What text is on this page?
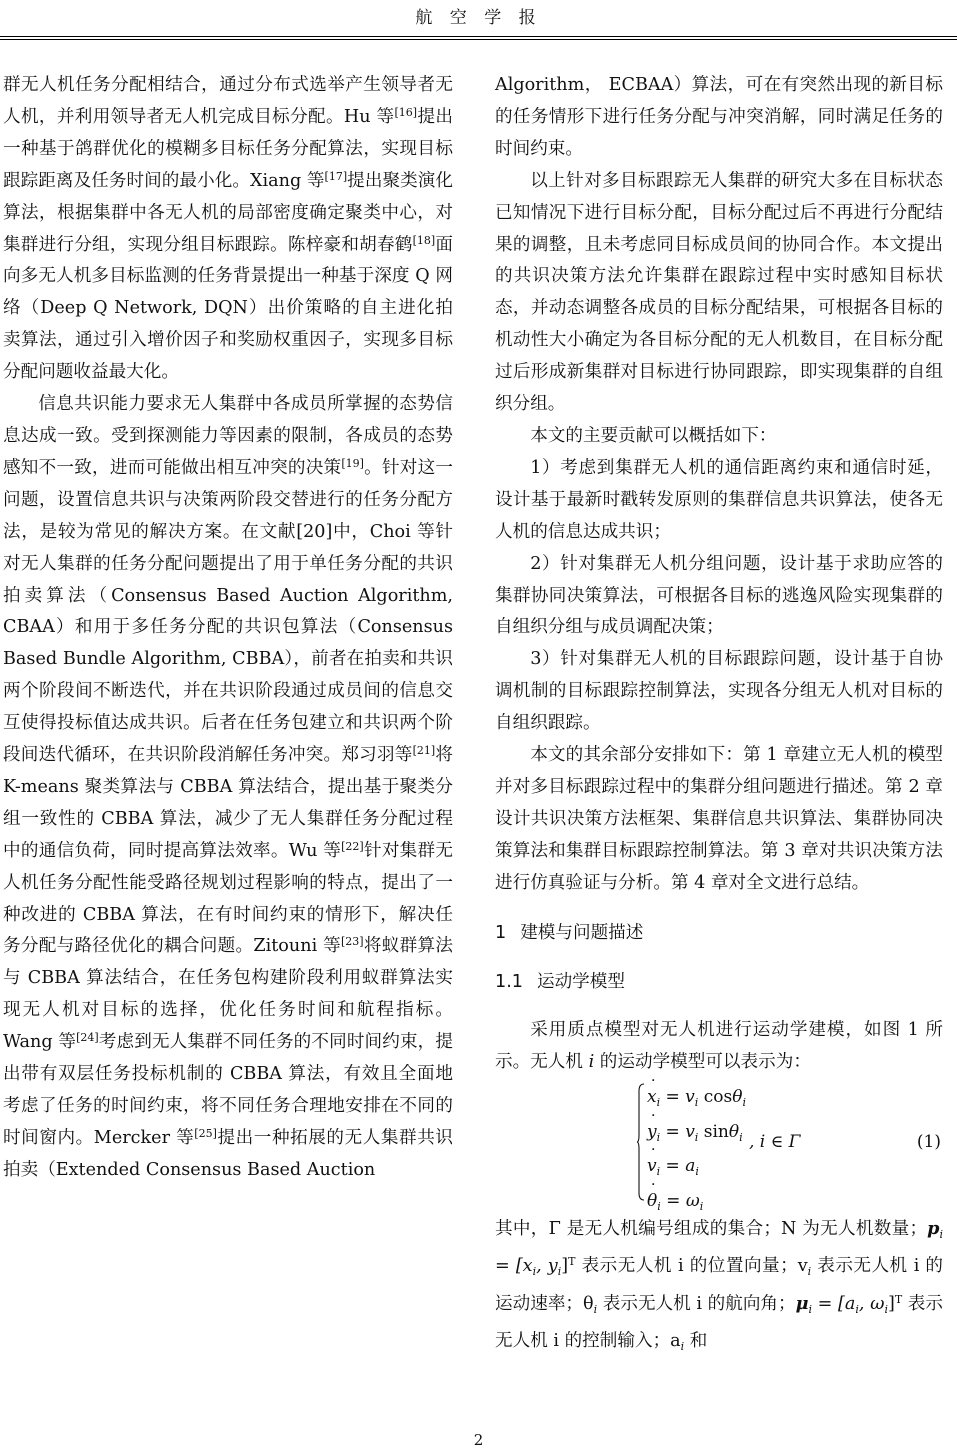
航 空 学 报

群无人机任务分配相结合，通过分布式选举产生领导者无人机，并利用领导者无人机完成目标分配。Hu 等[16]提出一种基于鸽群优化的模糊多目标任务分配算法，实现目标跟踪距离及任务时间的最小化。Xiang 等[17]提出聚类演化算法，根据集群中各无人机的局部密度确定聚类中心，对集群进行分组，实现分组目标跟踪。陈梓豪和胡春鹤[18]面向多无人机多目标监测的任务背景提出一种基于深度 Q 网络（Deep Q Network, DQN）出价策略的自主进化拍卖算法，通过引入增价因子和奖励权重因子，实现多目标分配问题收益最大化。

信息共识能力要求无人集群中各成员所掌握的态势信息达成一致。受到探测能力等因素的限制，各成员的态势感知不一致，进而可能做出相互冲突的决策[19]。针对这一问题，设置信息共识与决策两阶段交替进行的任务分配方法，是较为常见的解决方案。在文献[20]中，Choi 等针对无人集群的任务分配问题提出了用于单任务分配的共识拍卖算法（Consensus Based Auction Algorithm, CBAA）和用于多任务分配的共识包算法（Consensus Based Bundle Algorithm, CBBA），前者在拍卖和共识两个阶段间不断迭代，并在共识阶段通过成员间的信息交互使得投标值达成共识。后者在任务包建立和共识两个阶段间迭代循环，在共识阶段消解任务冲突。郑习羽等[21]将 K-means 聚类算法与 CBBA 算法结合，提出基于聚类分组一致性的 CBBA 算法，减少了无人集群任务分配过程中的通信负荷，同时提高算法效率。Wu 等[22]针对集群无人机任务分配性能受路径规划过程影响的特点，提出了一种改进的 CBBA 算法，在有时间约束的情形下，解决任务分配与路径优化的耦合问题。Zitouni 等[23]将蚁群算法与 CBBA 算法结合，在任务包构建阶段利用蚁群算法实现无人机对目标的选择，优化任务时间和航程指标。Wang 等[24]考虑到无人集群不同任务的不同时间约束，提出带有双层任务投标机制的 CBBA 算法，有效且全面地考虑了任务的时间约束，将不同任务合理地安排在不同的时间窗内。Mercker 等[25]提出一种拓展的无人集群共识拍卖（Extended Consensus Based Auction

Algorithm， ECBAA）算法，可在有突然出现的新目标的任务情形下进行任务分配与冲突消解，同时满足任务的时间约束。

以上针对多目标跟踪无人集群的研究大多在目标状态已知情况下进行目标分配，目标分配过后不再进行分配结果的调整，且未考虑同目标成员间的协同合作。本文提出的共识决策方法允许集群在跟踪过程中实时感知目标状态，并动态调整各成员的目标分配结果，可根据各目标的机动性大小确定为各目标分配的无人机数目，在目标分配过后形成新集群对目标进行协同跟踪，即实现集群的自组织分组。

本文的主要贡献可以概括如下：

1）考虑到集群无人机的通信距离约束和通信时延，设计基于最新时戳转发原则的集群信息共识算法，使各无人机的信息达成共识；

2）针对集群无人机分组问题，设计基于求助应答的集群协同决策算法，可根据各目标的逃逸风险实现集群的自组织分组与成员调配决策；

3）针对集群无人机的目标跟踪问题，设计基于自协调机制的目标跟踪控制算法，实现各分组无人机对目标的自组织跟踪。

本文的其余部分安排如下：第 1 章建立无人机的模型并对多目标跟踪过程中的集群分组问题进行描述。第 2 章设计共识决策方法框架、集群信息共识算法、集群协同决策算法和集群目标跟踪控制算法。第 3 章对共识决策方法进行仿真验证与分析。第 4 章对全文进行总结。

1 建模与问题描述

1.1 运动学模型

采用质点模型对无人机进行运动学建模，如图 1 所示。无人机 i 的运动学模型可以表示为：

˙ $x_i = v_i$ cosθ$_i$
˙ $y_i = v_i$ sinθ$_i$
˙ $v_i = a_i$
˙ $\theta_i = \omega_i$
, i ∈ Γ	(1)

其中，Γ 是无人机编号组成的集合；N 为无人机数量；$p_i = [x_i$, $y_i]^T$ 表示无人机 i 的位置向量；$v_i$ 表示无人机 i 的运动速率；$\theta_i$ 表示无人机 i 的航向角；$\mu_i = [a_i$, $\omega_i]^T$ 表示无人机 i 的控制输入；$a_i$ 和

2
